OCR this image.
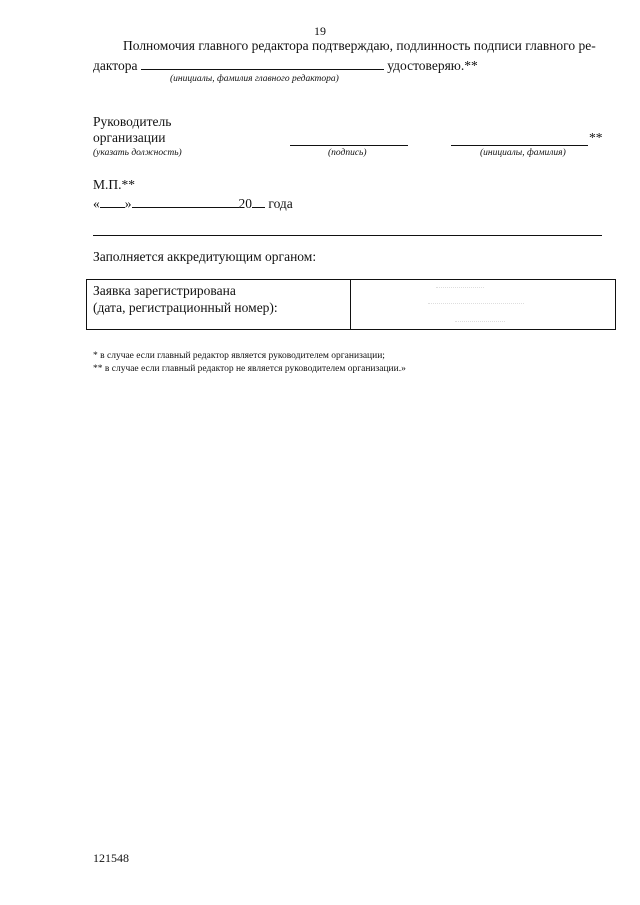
19
Полномочия главного редактора подтверждаю, подлинность подписи главного ре-
дактора	удостоверяю.**
(инициалы, фамилия главного редактора)
Руководитель
организации	**
(указать должность)	(подпись)	(инициалы, фамилия)
М.П.**
« »	20 года
Заполняется аккредитующим органом:
Заявка зарегистрирована
(дата, регистрационный номер):
* в случае если главный редактор является руководителем организации;
** в случае если главный редактор не является руководителем организации.»
121548
